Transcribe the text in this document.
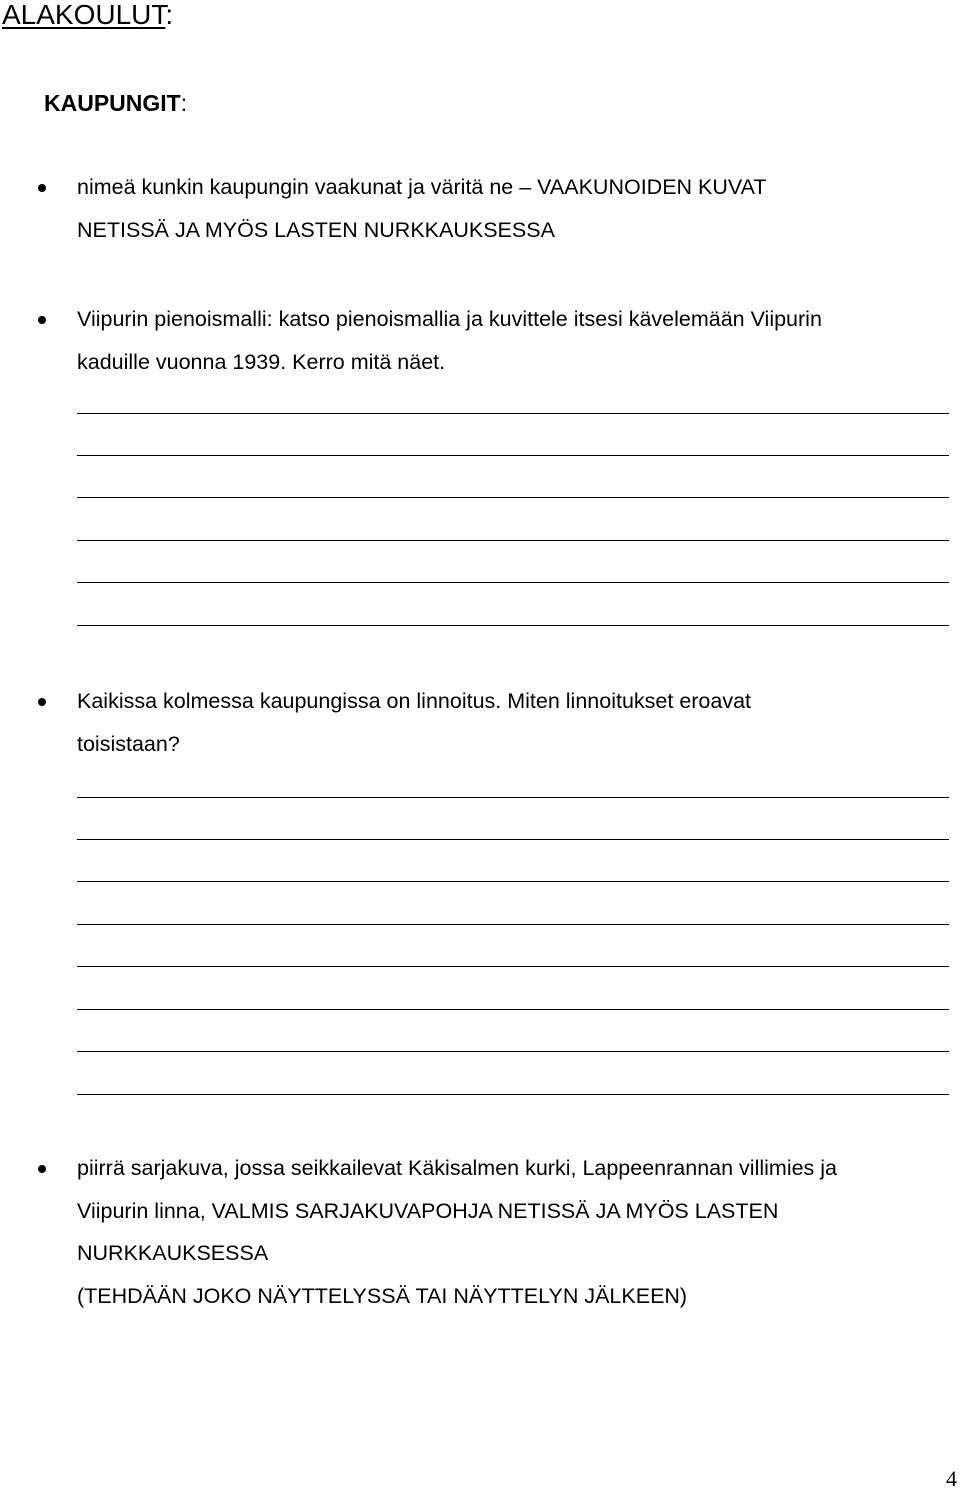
ALAKOULUT:
KAUPUNGIT:
nimeä kunkin kaupungin vaakunat ja väritä ne – VAAKUNOIDEN KUVAT
NETISSÄ JA MYÖS LASTEN NURKKAUKSESSA
Viipurin pienoismalli: katso pienoismallia ja kuvittele itsesi kävelemään Viipurin
kaduille vuonna 1939. Kerro mitä näet.
Kaikissa kolmessa kaupungissa on linnoitus. Miten linnoitukset eroavat
toisistaan?
piirrä sarjakuva, jossa seikkailevat Käkisalmen kurki, Lappeenrannan villimies ja
Viipurin linna, VALMIS SARJAKUVAPOHJA NETISSÄ JA MYÖS LASTEN
NURKKAUKSESSA
(TEHDÄÄN JOKO NÄYTTELYSSÄ TAI NÄYTTELYN JÄLKEEN)
4
